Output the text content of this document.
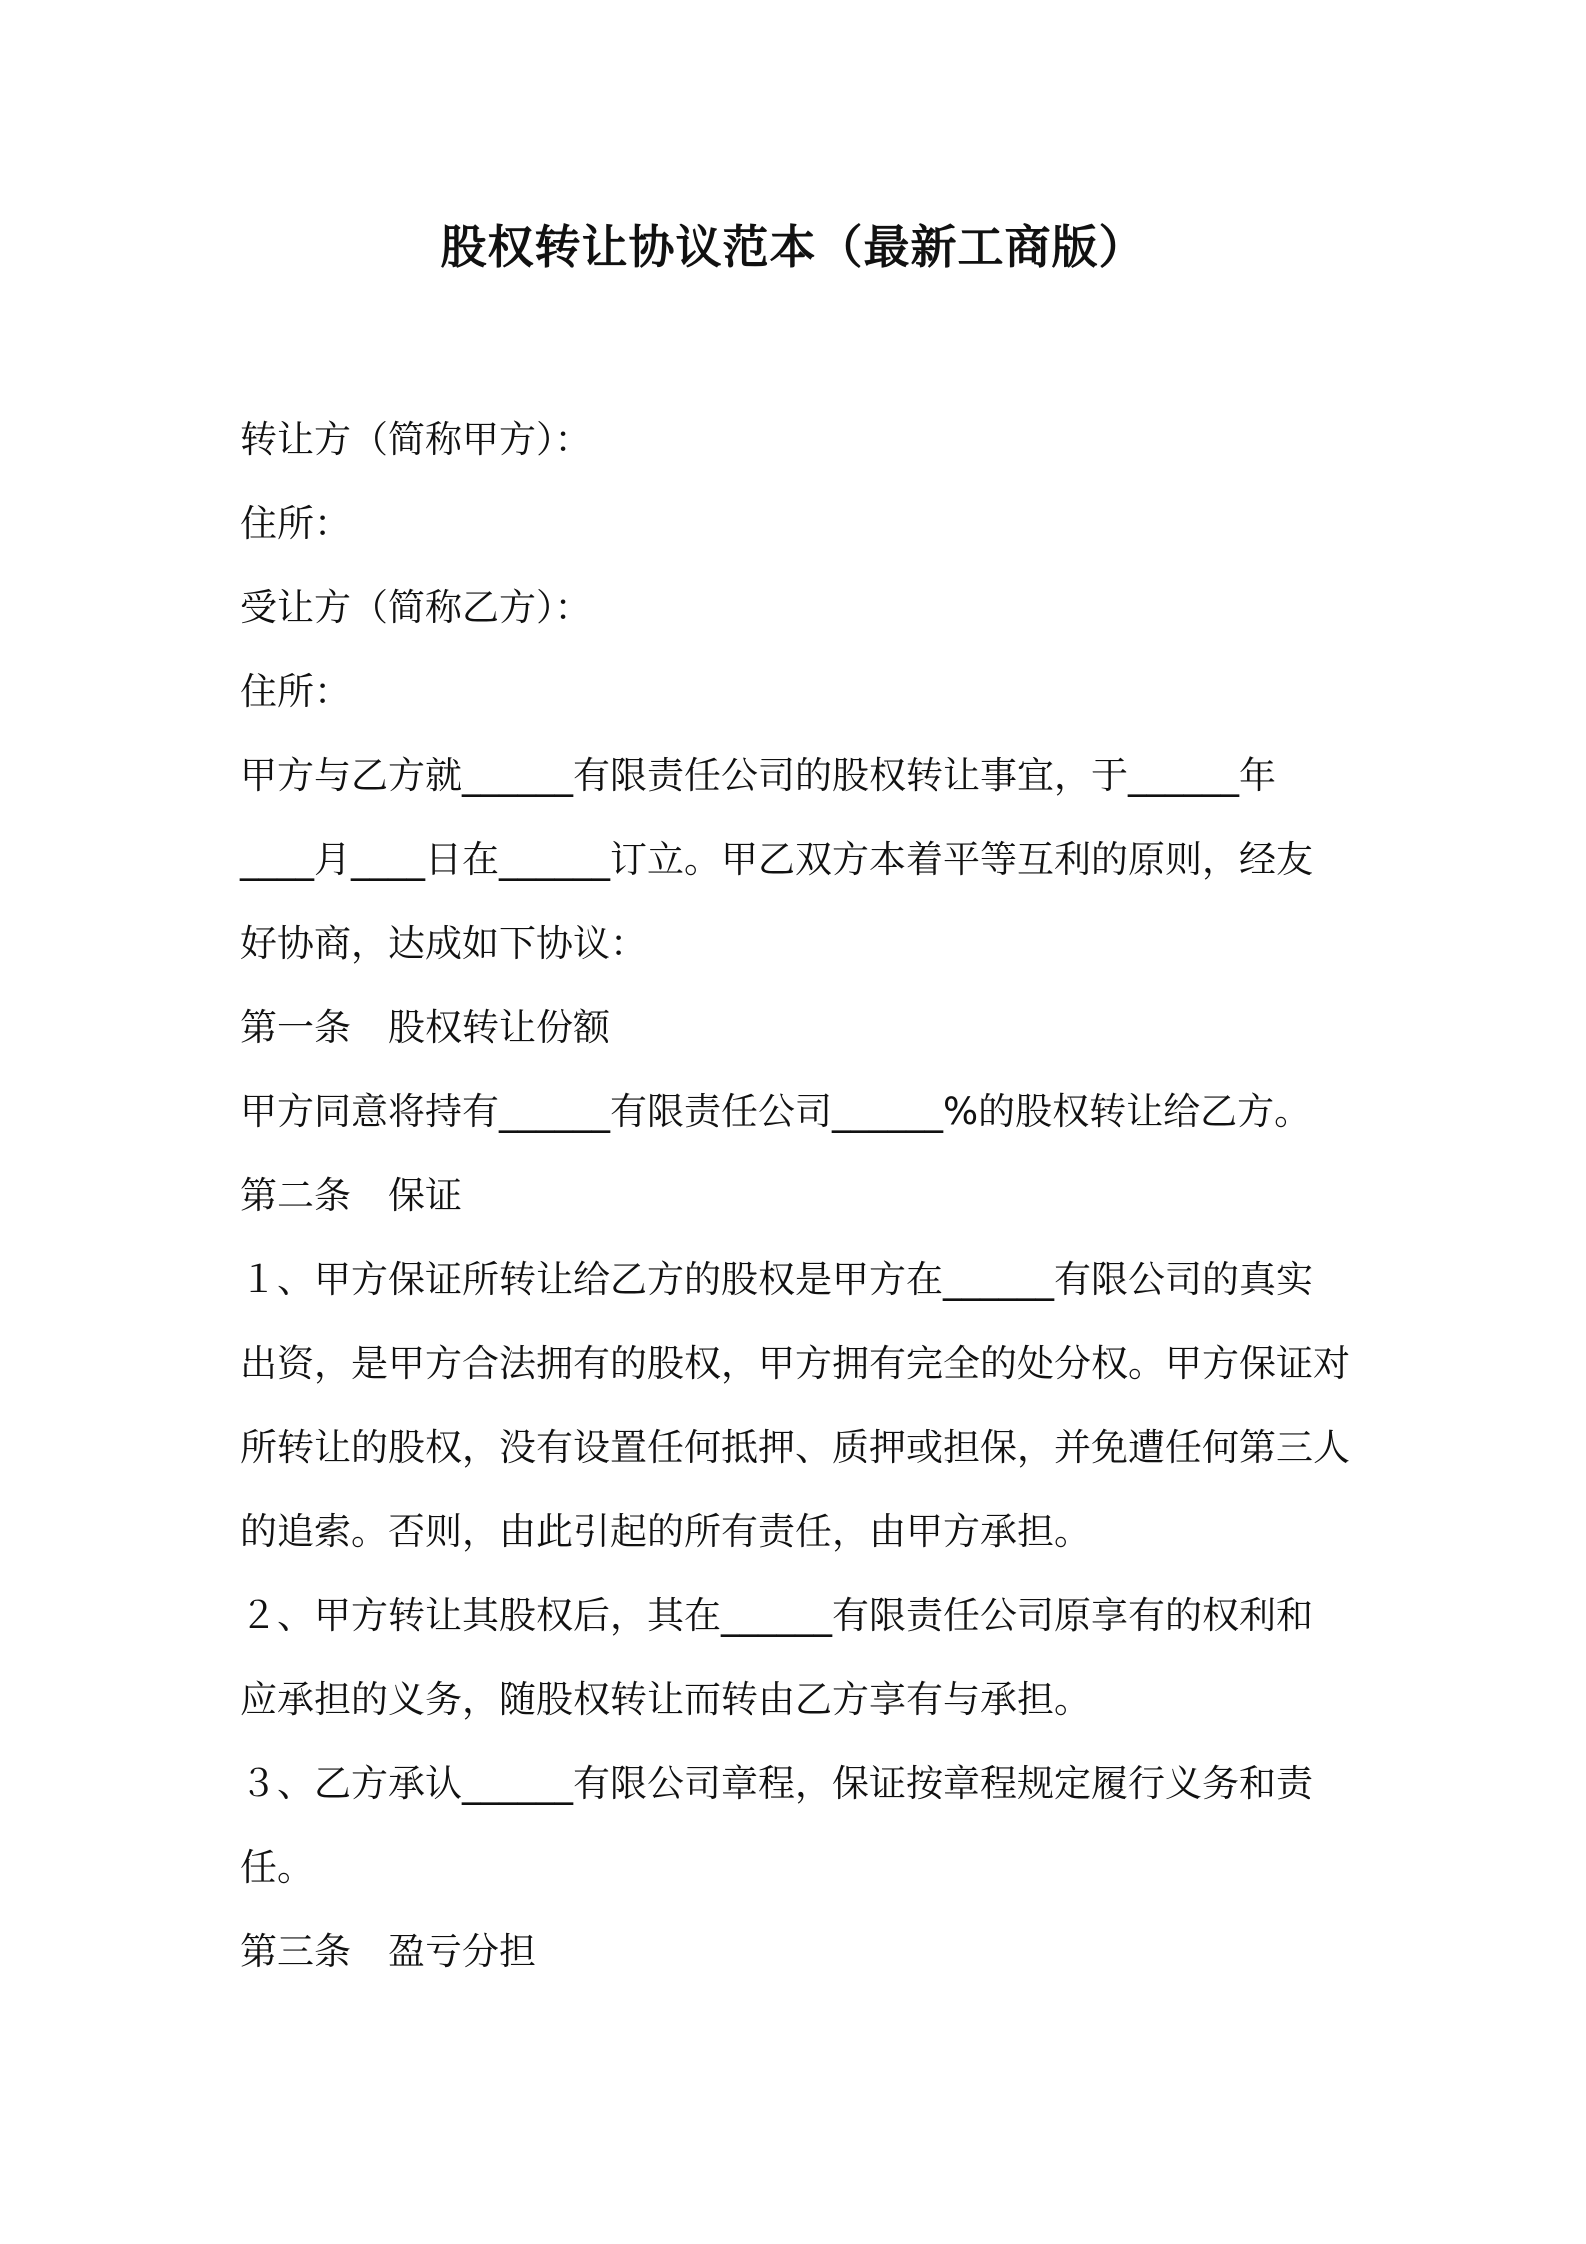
股权转让协议范本（最新工商版）

转让方（简称甲方）：

住所：

受让方（简称乙方）：

住所：

甲方与乙方就______有限责任公司的股权转让事宜，于______年

____月____日在______订立。甲乙双方本着平等互利的原则，经友

好协商，达成如下协议：

第一条　股权转让份额

甲方同意将持有______有限责任公司______%的股权转让给乙方。

第二条　保证

１、甲方保证所转让给乙方的股权是甲方在______有限公司的真实

出资，是甲方合法拥有的股权，甲方拥有完全的处分权。甲方保证对

所转让的股权，没有设置任何抵押、质押或担保，并免遭任何第三人

的追索。否则，由此引起的所有责任，由甲方承担。

２、甲方转让其股权后，其在______有限责任公司原享有的权利和

应承担的义务，随股权转让而转由乙方享有与承担。

３、乙方承认______有限公司章程，保证按章程规定履行义务和责

任。

第三条　盈亏分担
